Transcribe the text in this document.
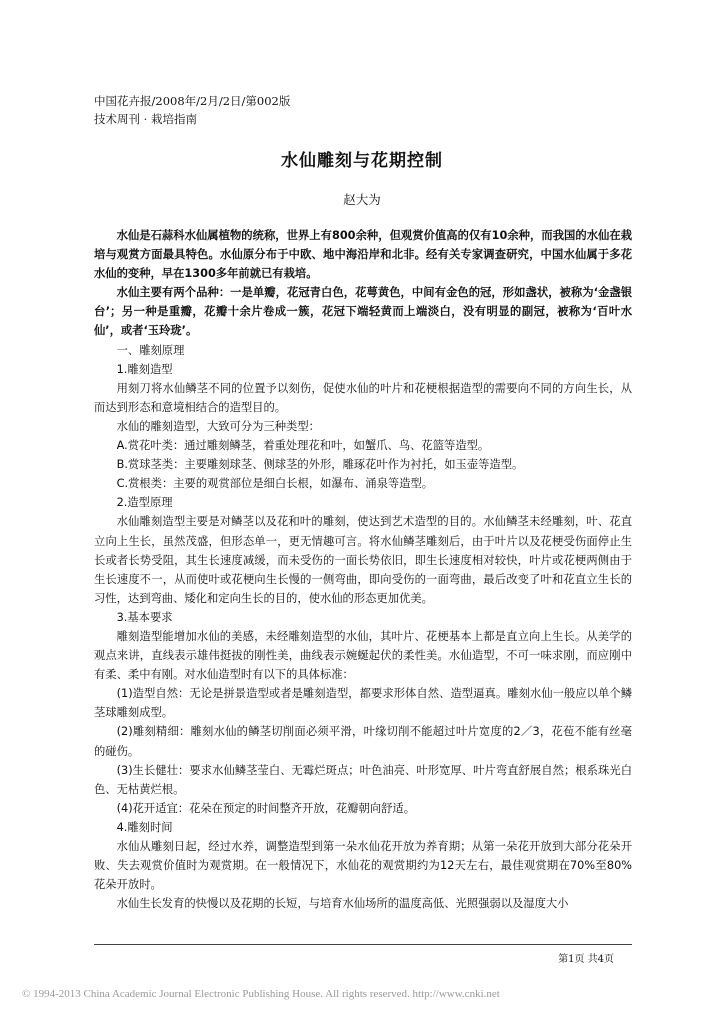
中国花卉报/2008年/2月/2日/第002版
技术周刊 · 栽培指南
水仙雕刻与花期控制
赵大为

水仙是石蒜科水仙属植物的统称，世界上有800余种，但观赏价值高的仅有10余种，而我国的水仙在栽培与观赏方面最具特色。水仙原分布于中欧、地中海沿岸和北非。经有关专家调查研究，中国水仙属于多花水仙的变种，早在1300多年前就已有栽培。

水仙主要有两个品种：一是单瓣，花冠青白色，花萼黄色，中间有金色的冠，形如盏状，被称为‘金盏银台’；另一种是重瓣，花瓣十余片卷成一簇，花冠下端轻黄而上端淡白，没有明显的副冠，被称为‘百叶水仙’，或者‘玉玲珑’。

一、雕刻原理

1.雕刻造型

用刻刀将水仙鳞茎不同的位置予以刻伤，促使水仙的叶片和花梗根据造型的需要向不同的方向生长，从而达到形态和意境相结合的造型目的。

水仙的雕刻造型，大致可分为三种类型：

A.赏花叶类：通过雕刻鳞茎，着重处理花和叶，如蟹爪、鸟、花篮等造型。

B.赏球茎类：主要雕刻球茎、侧球茎的外形，雕琢花叶作为衬托，如玉壶等造型。

C.赏根类：主要的观赏部位是细白长根，如瀑布、涌泉等造型。

2.造型原理

水仙雕刻造型主要是对鳞茎以及花和叶的雕刻，使达到艺术造型的目的。水仙鳞茎未经雕刻，叶、花直立向上生长，虽然茂盛，但形态单一，更无情趣可言。将水仙鳞茎雕刻后，由于叶片以及花梗受伤面停止生长或者长势受阻，其生长速度减缓，而未受伤的一面长势依旧，即生长速度相对较快，叶片或花梗两侧由于生长速度不一，从而使叶或花梗向生长慢的一侧弯曲，即向受伤的一面弯曲，最后改变了叶和花直立生长的习性，达到弯曲、矮化和定向生长的目的，使水仙的形态更加优美。

3.基本要求

雕刻造型能增加水仙的美感，未经雕刻造型的水仙，其叶片、花梗基本上都是直立向上生长。从美学的观点来讲，直线表示雄伟挺拔的刚性美，曲线表示婉蜒起伏的柔性美。水仙造型，不可一味求刚，而应刚中有柔、柔中有刚。对水仙造型时有以下的具体标准：

(1)造型自然：无论是拼景造型或者是雕刻造型，都要求形体自然、造型逼真。雕刻水仙一般应以单个鳞茎球雕刻成型。

(2)雕刻精细：雕刻水仙的鳞茎切削面必须平滑，叶缘切削不能超过叶片宽度的2／3，花苞不能有丝毫的碰伤。

(3)生长健壮：要求水仙鳞茎莹白、无霉烂斑点；叶色油亮、叶形宽厚、叶片弯直舒展自然；根系珠光白色、无枯黄烂根。

(4)花开适宜：花朵在预定的时间整齐开放，花瓣朝向舒适。

4.雕刻时间

水仙从雕刻日起，经过水养，调整造型到第一朵水仙花开放为养育期；从第一朵花开放到大部分花朵开败、失去观赏价值时为观赏期。在一般情况下，水仙花的观赏期约为12天左右，最佳观赏期在70%至80%花朵开放时。

水仙生长发育的快慢以及花期的长短，与培育水仙场所的温度高低、光照强弱以及湿度大小

第1页 共4页
© 1994-2013 China Academic Journal Electronic Publishing House. All rights reserved. http://www.cnki.net
